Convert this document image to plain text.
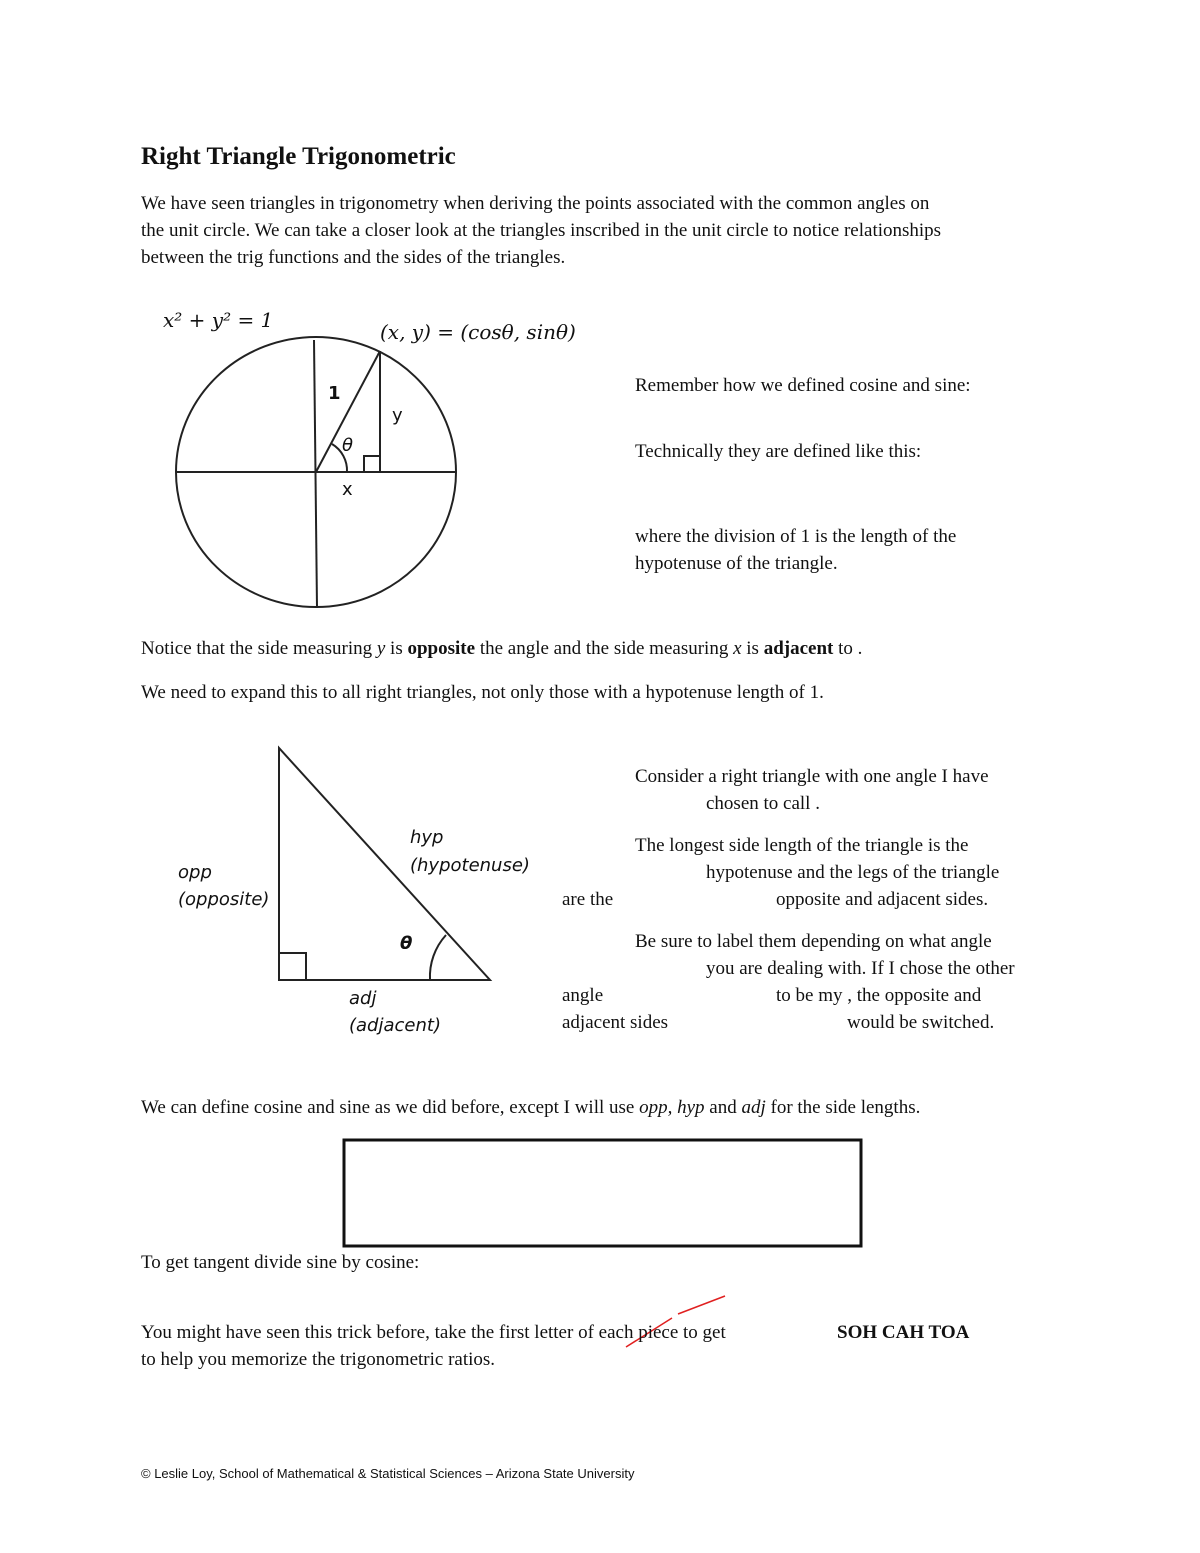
Right Triangle Trigonometric
We have seen triangles in trigonometry when deriving the points associated with the common angles on
the unit circle. We can take a closer look at the triangles inscribed in the unit circle to notice relationships
between the trig functions and the sides of the triangles.
x² + y² = 1	(x, y) = (cosθ, sinθ)
1
y
x
θ
Remember how we defined cosine and sine:
Technically they are defined like this:
where the division of 1 is the length of the
hypotenuse of the triangle.
Notice that the side measuring y is opposite the angle and the side measuring x is adjacent to .
We need to expand this to all right triangles, not only those with a hypotenuse length of 1.
hyp
(hypotenuse)
opp
(opposite)
θ
adj
(adjacent)
Consider a right triangle with one angle I have
chosen to call .
The longest side length of the triangle is the
hypotenuse and the legs of the triangle
are the	opposite and adjacent sides.
Be sure to label them depending on what angle
you are dealing with. If I chose the other
angle	to be my , the opposite and
adjacent sides	would be switched.
We can define cosine and sine as we did before, except I will use opp, hyp and adj for the side lengths.
To get tangent divide sine by cosine:
You might have seen this trick before, take the first letter of each piece to get	SOH CAH TOA
to help you memorize the trigonometric ratios.
© Leslie Loy, School of Mathematical & Statistical Sciences – Arizona State University
